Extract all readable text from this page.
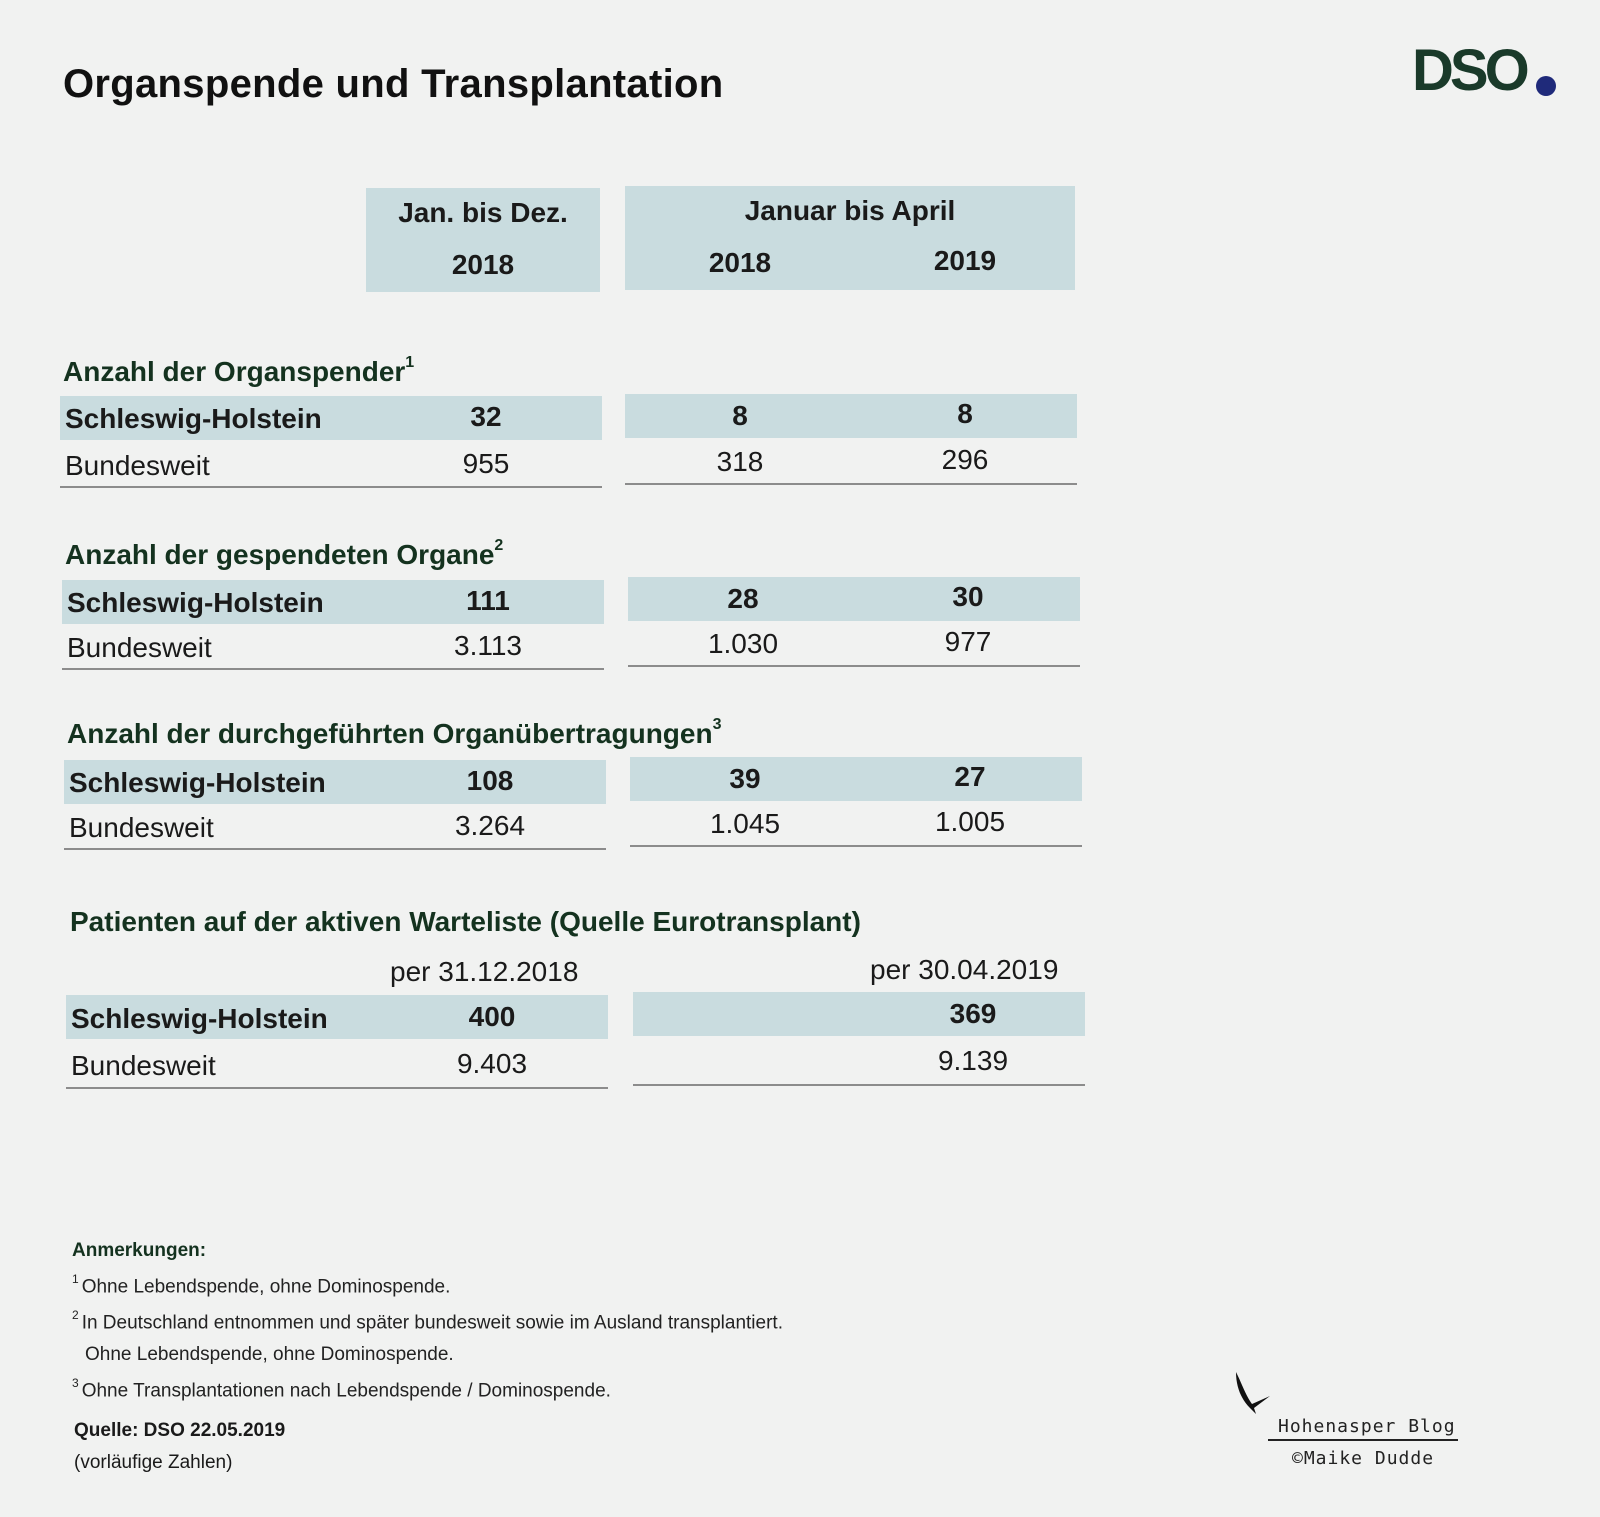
Organspende und Transplantation	DSO
Jan. bis Dez.
2018
Januar bis April
2018	2019
Anzahl der Organspender$^1$
Schleswig-Holstein	32	8	8
Bundesweit	955	318	296
Anzahl der gespendeten Organe$^2$
Schleswig-Holstein	111	28	30
Bundesweit	3.113	1.030	977
Anzahl der durchgeführten Organübertragungen$^3$
Schleswig-Holstein	108	39	27
Bundesweit	3.264	1.045	1.005
Patienten auf der aktiven Warteliste (Quelle Eurotransplant)
per 31.12.2018	per 30.04.2019
Schleswig-Holstein	400	369
Bundesweit	9.403	9.139
Anmerkungen:
$^1$ Ohne Lebendspende, ohne Dominospende.
$^2$ In Deutschland entnommen und später bundesweit sowie im Ausland transplantiert.
Ohne Lebendspende, ohne Dominospende.
$^3$ Ohne Transplantationen nach Lebendspende / Dominospende.
Quelle: DSO 22.05.2019
(vorläufige Zahlen)
Hohenasper Blog
©Maike Dudde
